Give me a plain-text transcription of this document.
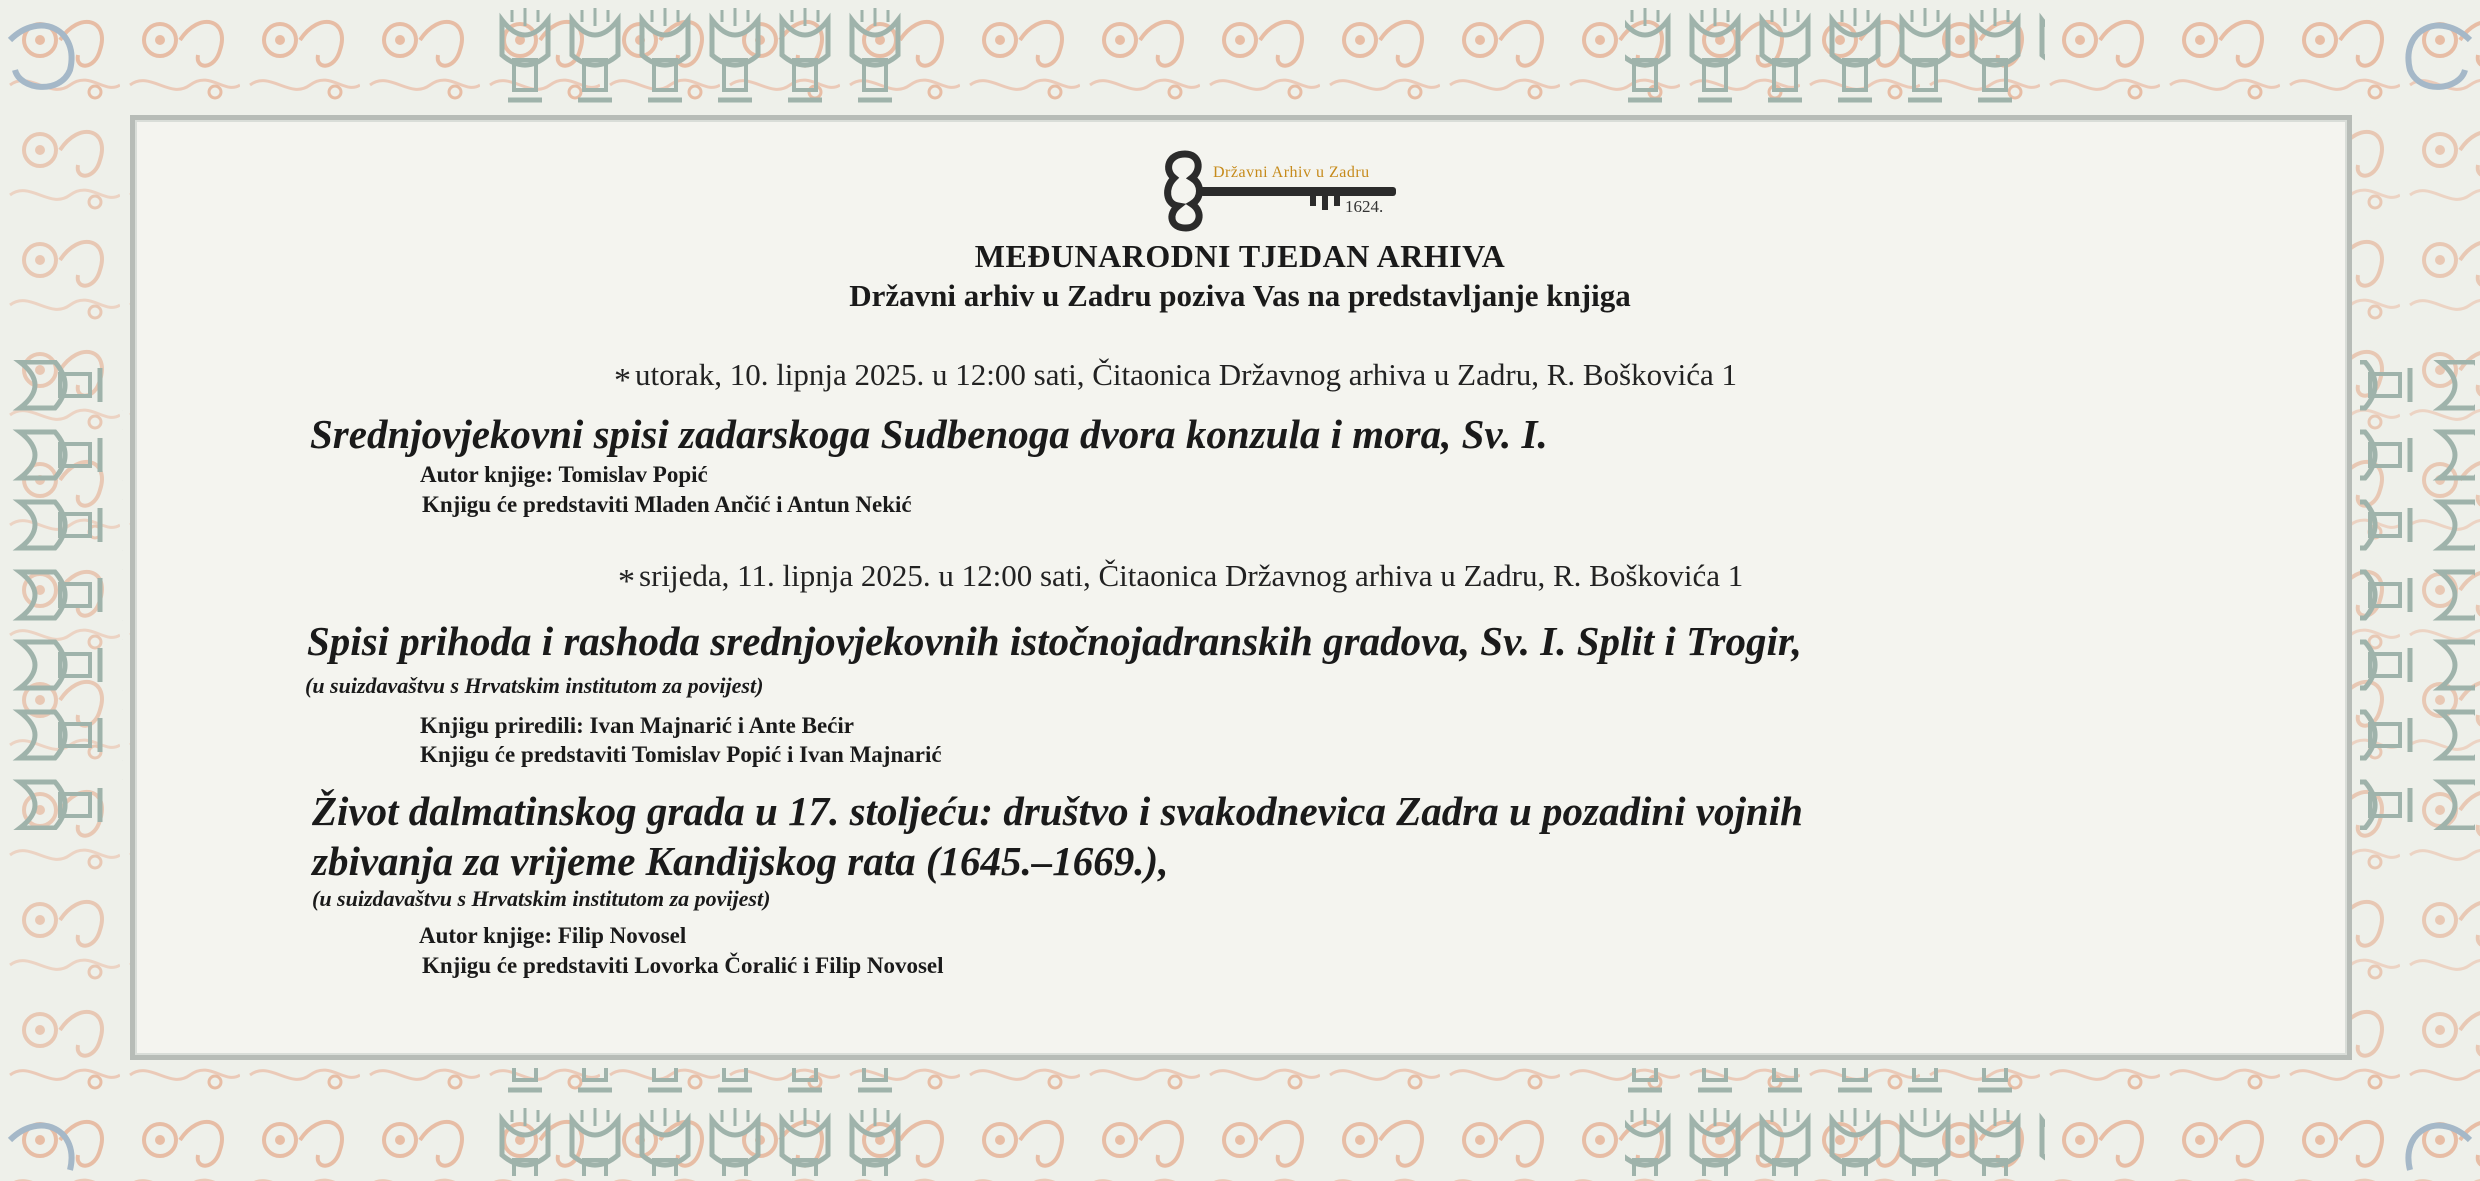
Državni Arhiv u Zadru
1624.
MEĐUNARODNI TJEDAN ARHIVA
Državni arhiv u Zadru poziva Vas na predstavljanje knjiga
* utorak, 10. lipnja 2025. u 12:00 sati, Čitaonica Državnog arhiva u Zadru, R. Boškovića 1
Srednjovjekovni spisi zadarskoga Sudbenoga dvora konzula i mora, Sv. I.
Autor knjige: Tomislav Popić
Knjigu će predstaviti Mladen Ančić i Antun Nekić
* srijeda, 11. lipnja 2025. u 12:00 sati, Čitaonica Državnog arhiva u Zadru, R. Boškovića 1
Spisi prihoda i rashoda srednjovjekovnih istočnojadranskih gradova, Sv. I. Split i Trogir,
(u suizdavaštvu s Hrvatskim institutom za povijest)
Knjigu priredili: Ivan Majnarić i Ante Bećir
Knjigu će predstaviti Tomislav Popić i Ivan Majnarić
Život dalmatinskog grada u 17. stoljeću: društvo i svakodnevica Zadra u pozadini vojnih
zbivanja za vrijeme Kandijskog rata (1645.–1669.),
(u suizdavaštvu s Hrvatskim institutom za povijest)
Autor knjige: Filip Novosel
Knjigu će predstaviti Lovorka Čoralić i Filip Novosel
